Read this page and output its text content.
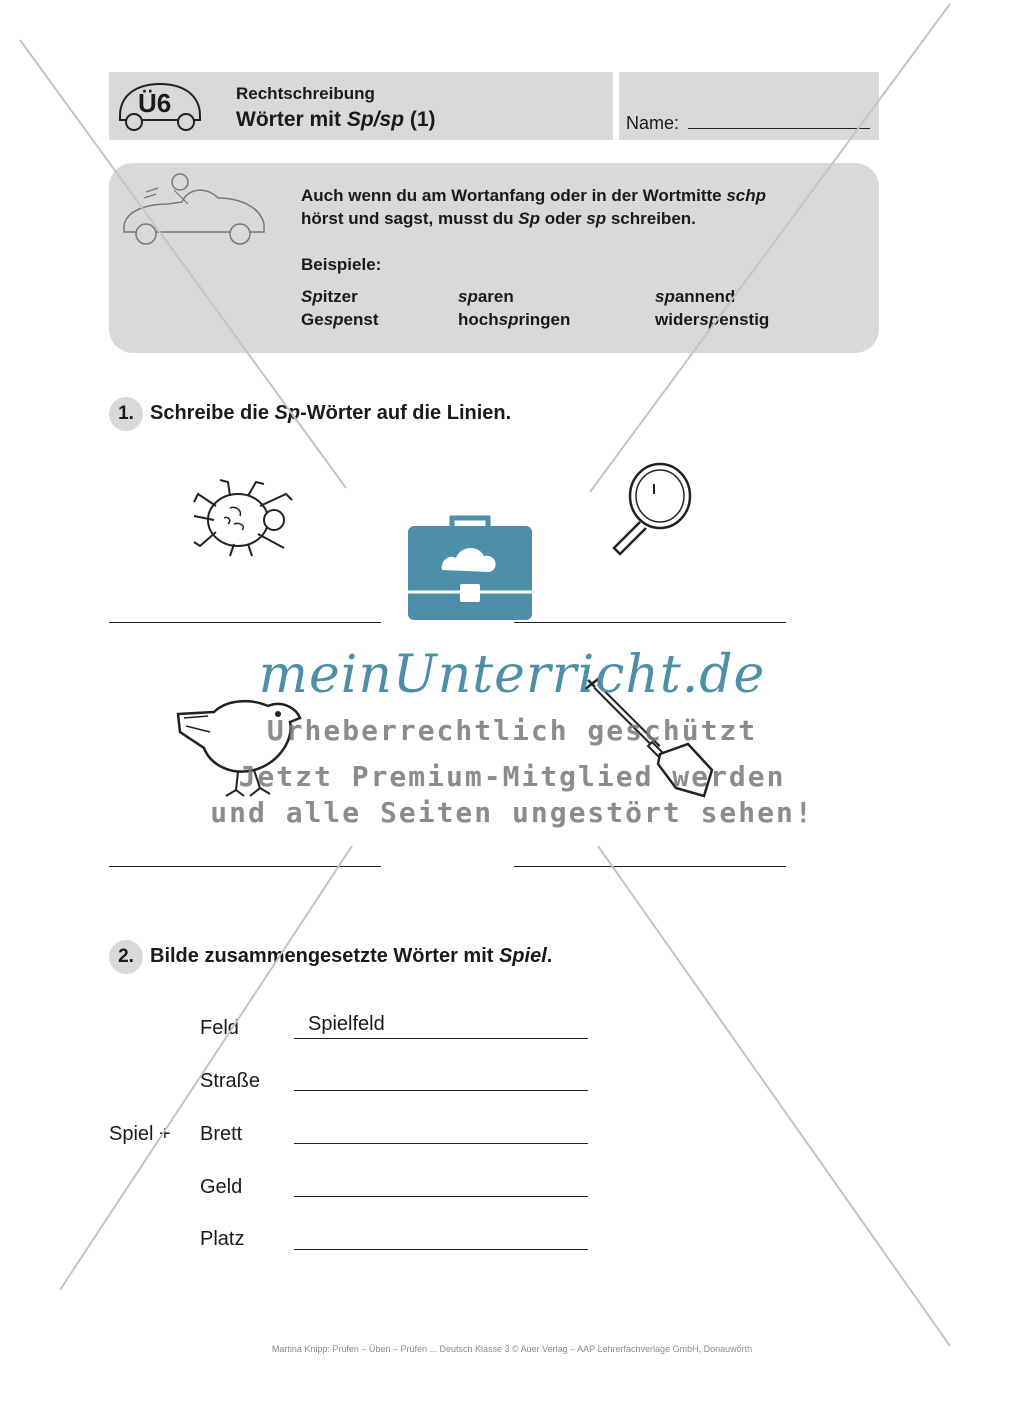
Ü6	Rechtschreibung
Wörter mit Sp/sp (1)	Name:
Auch wenn du am Wortanfang oder in der Wortmitte schp
hörst und sagst, musst du Sp oder sp schreiben.
Beispiele:
Spitzer	sparen	spannend
Gespenst	hochspringen	widerspenstig
1. Schreibe die Sp-Wörter auf die Linien.
2. Bilde zusammengesetzte Wörter mit Spiel.
Spiel +
Feld	Spielfeld
Straße
Brett
Geld
Platz
meinUnterricht.de
Urheberrechtlich geschützt
Jetzt Premium-Mitglied werden
und alle Seiten ungestört sehen!
Martina Knipp: Prüfen – Üben – Prüfen ... Deutsch Klasse 3 © Auer Verlag – AAP Lehrerfachverlage GmbH, Donauwörth
